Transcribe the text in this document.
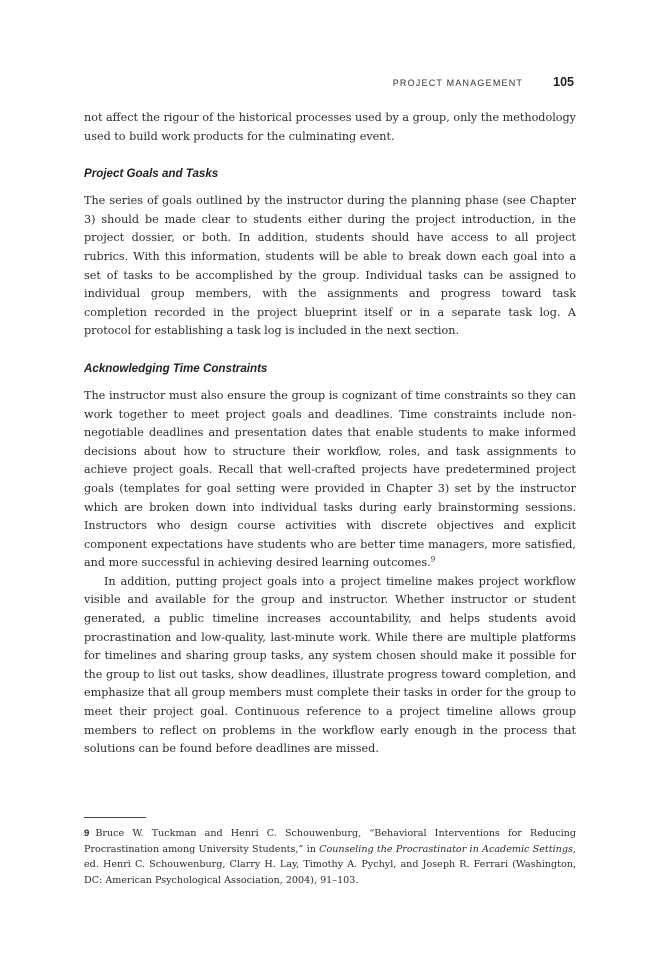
PROJECT MANAGEMENT 105

not affect the rigour of the historical processes used by a group, only the methodology used to build work products for the culminating event.

Project Goals and Tasks

The series of goals outlined by the instructor during the planning phase (see Chapter 3) should be made clear to students either during the project introduction, in the project dossier, or both. In addition, students should have access to all project rubrics. With this information, students will be able to break down each goal into a set of tasks to be accomplished by the group. Individual tasks can be assigned to individual group members, with the assignments and progress toward task completion recorded in the project blueprint itself or in a separate task log. A protocol for establishing a task log is included in the next section.

Acknowledging Time Constraints

The instructor must also ensure the group is cognizant of time constraints so they can work together to meet project goals and deadlines. Time constraints include non-negotiable deadlines and presentation dates that enable students to make informed decisions about how to structure their workflow, roles, and task assignments to achieve project goals. Recall that well-crafted projects have predetermined project goals (templates for goal setting were provided in Chapter 3) set by the instructor which are broken down into individual tasks during early brainstorming sessions. Instructors who design course activities with discrete objectives and explicit component expectations have students who are better time managers, more satisfied, and more successful in achieving desired learning outcomes.$^9$

In addition, putting project goals into a project timeline makes project workflow visible and available for the group and instructor. Whether instructor or student generated, a public timeline increases accountability, and helps students avoid procrastination and low-quality, last-minute work. While there are multiple platforms for timelines and sharing group tasks, any system chosen should make it possible for the group to list out tasks, show deadlines, illustrate progress toward completion, and emphasize that all group members must complete their tasks in order for the group to meet their project goal. Continuous reference to a project timeline allows group members to reflect on problems in the workflow early enough in the process that solutions can be found before deadlines are missed.

9 Bruce W. Tuckman and Henri C. Schouwenburg, “Behavioral Interventions for Reducing Procrastination among University Students,” in Counseling the Procrastinator in Academic Settings, ed. Henri C. Schouwenburg, Clarry H. Lay, Timothy A. Pychyl, and Joseph R. Ferrari (Washington, DC: American Psychological Association, 2004), 91–103.
